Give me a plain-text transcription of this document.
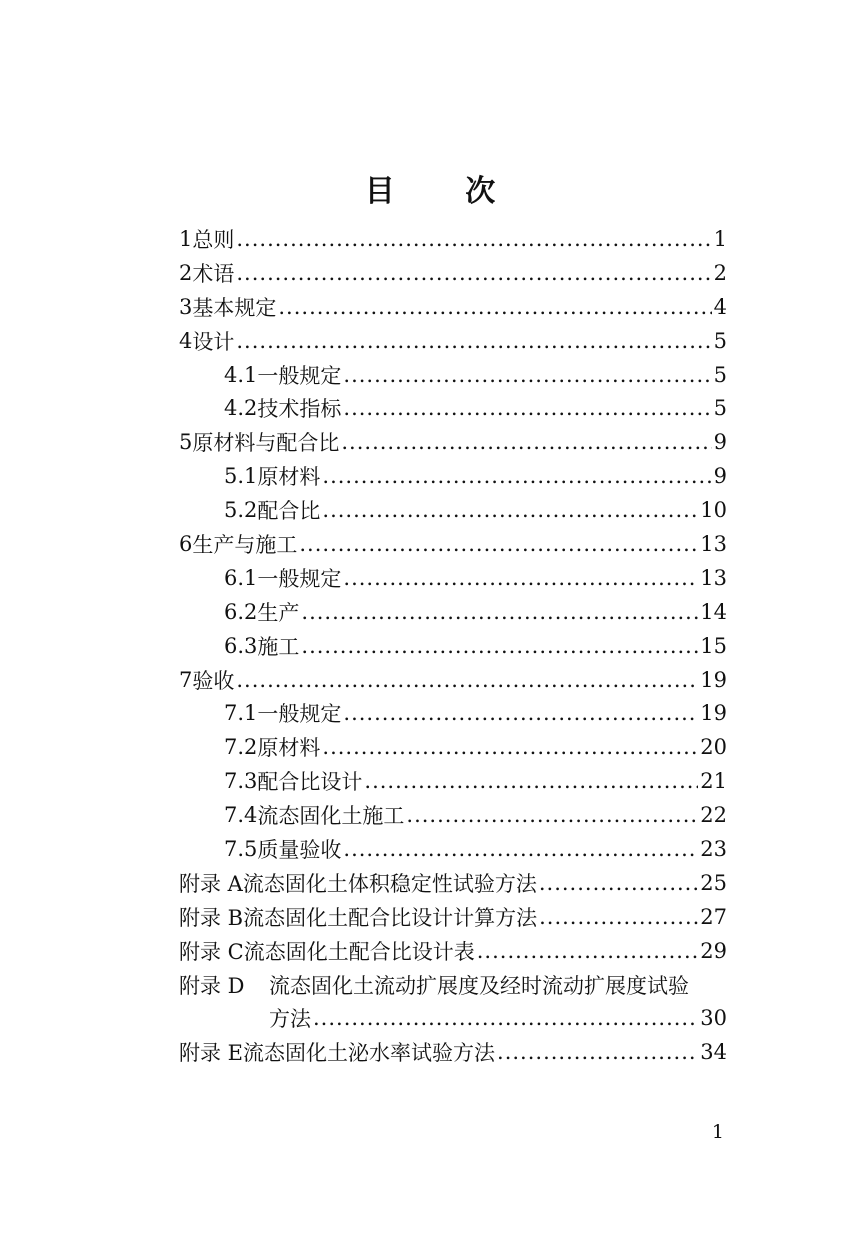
目 次
1 总则 .....	1
2 术语 .....	2
3 基本规定 .....	4
4 设计 .....	5
4.1 一般规定 .....	5
4.2 技术指标 .....	5
5 原材料与配合比 .....	9
5.1 原材料 .....	9
5.2 配合比 .....	10
6 生产与施工 .....	13
6.1 一般规定 .....	13
6.2 生产 .....	14
6.3 施工 .....	15
7 验收 .....	19
7.1 一般规定 .....	19
7.2 原材料 .....	20
7.3 配合比设计 .....	21
7.4 流态固化土施工 .....	22
7.5 质量验收 .....	23
附录 A 流态固化土体积稳定性试验方法 .....	25
附录 B 流态固化土配合比设计计算方法 .....	27
附录 C 流态固化土配合比设计表 .....	29
附录 D	流态固化土流动扩展度及经时流动扩展度试验
方法 .....	30
附录 E 流态固化土泌水率试验方法 .....	34
1
